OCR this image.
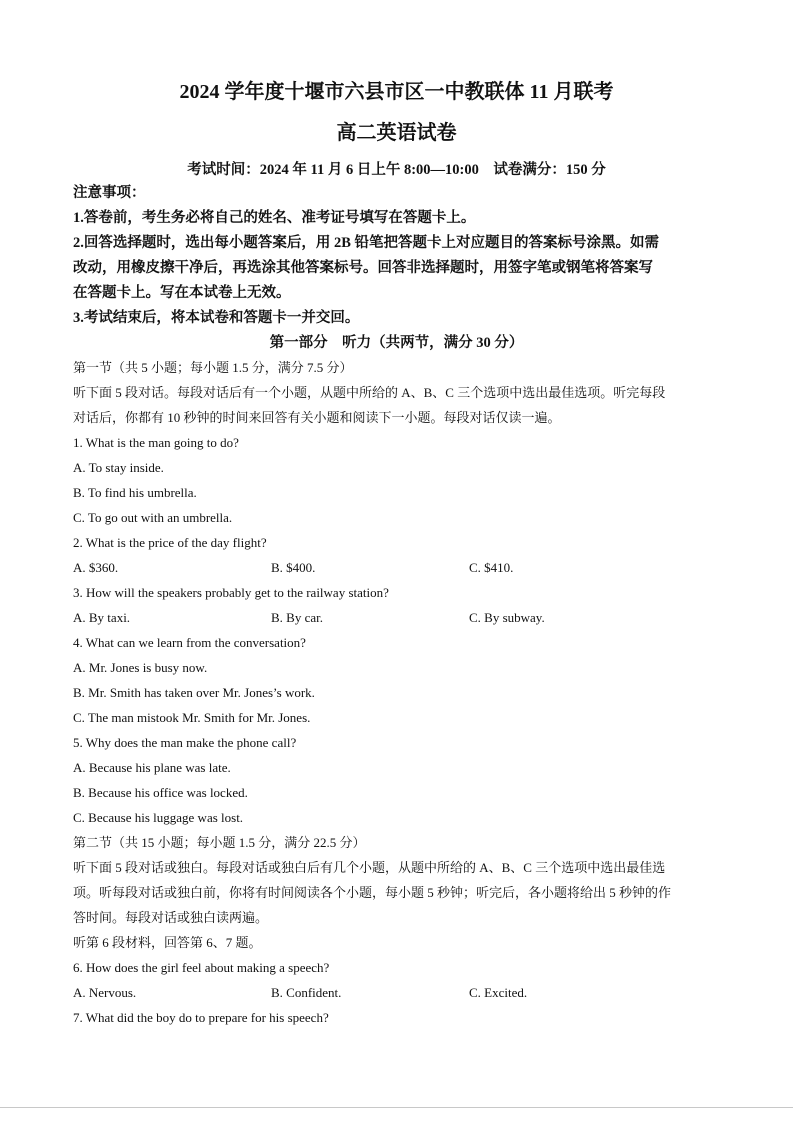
2024 学年度十堰市六县市区一中教联体 11 月联考

高二英语试卷

考试时间：2024 年 11 月 6 日上午 8:00—10:00　试卷满分：150 分

注意事项：

1.答卷前，考生务必将自己的姓名、准考证号填写在答题卡上。

2.回答选择题时，选出每小题答案后，用 2B 铅笔把答题卡上对应题目的答案标号涂黑。如需

改动，用橡皮擦干净后，再选涂其他答案标号。回答非选择题时，用签字笔或钢笔将答案写

在答题卡上。写在本试卷上无效。

3.考试结束后，将本试卷和答题卡一并交回。

第一部分　听力（共两节，满分 30 分）

第一节（共 5 小题；每小题 1.5 分，满分 7.5 分）

听下面 5 段对话。每段对话后有一个小题，从题中所给的 A、B、C 三个选项中选出最佳选项。听完每段

对话后，你都有 10 秒钟的时间来回答有关小题和阅读下一小题。每段对话仅读一遍。

1. What is the man going to do?

A. To stay inside.

B. To find his umbrella.

C. To go out with an umbrella.

2. What is the price of the day flight?

A. $360.	B. $400.	C. $410.

3. How will the speakers probably get to the railway station?

A. By taxi.	B. By car.	C. By subway.

4. What can we learn from the conversation?

A. Mr. Jones is busy now.

B. Mr. Smith has taken over Mr. Jones’s work.

C. The man mistook Mr. Smith for Mr. Jones.

5. Why does the man make the phone call?

A. Because his plane was late.

B. Because his office was locked.

C. Because his luggage was lost.

第二节（共 15 小题；每小题 1.5 分，满分 22.5 分）

听下面 5 段对话或独白。每段对话或独白后有几个小题，从题中所给的 A、B、C 三个选项中选出最佳选

项。听每段对话或独白前，你将有时间阅读各个小题，每小题 5 秒钟；听完后，各小题将给出 5 秒钟的作

答时间。每段对话或独白读两遍。

听第 6 段材料，回答第 6、7 题。

6. How does the girl feel about making a speech?

A. Nervous.	B. Confident.	C. Excited.

7. What did the boy do to prepare for his speech?
